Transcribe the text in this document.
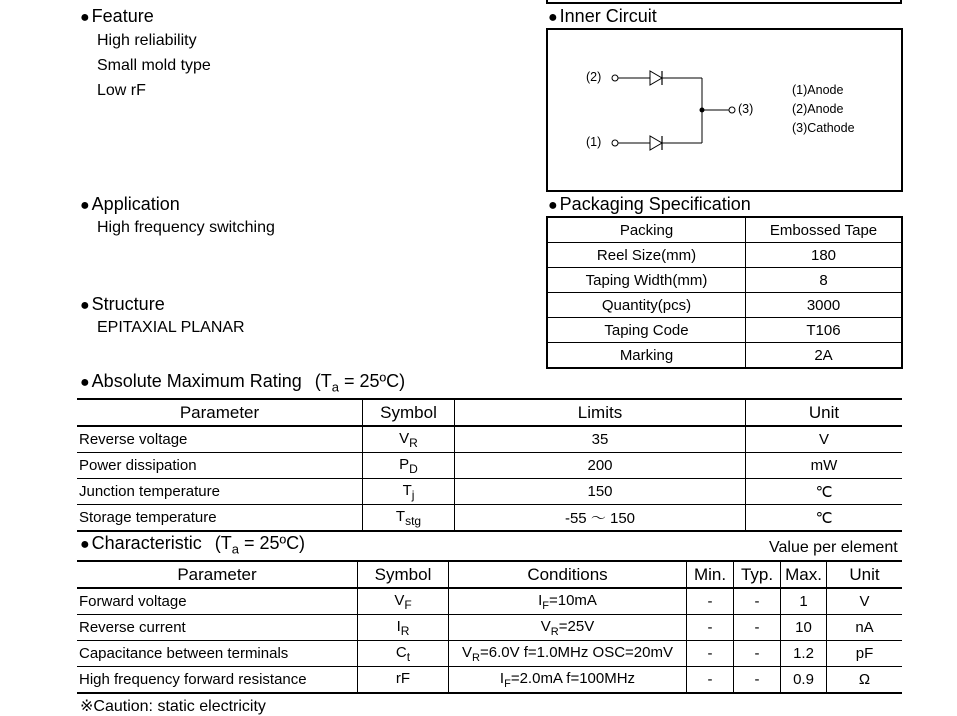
● Feature
High reliability
Small mold type
Low rF
● Inner Circuit
(2)
(1)
(3)
(1)Anode
(2)Anode
(3)Cathode
● Application
High frequency switching
● Packaging Specification
Packing	Embossed Tape
Reel Size(mm)	180
Taping Width(mm)	8
Quantity(pcs)	3000
Taping Code	T106
Marking	2A
● Structure
EPITAXIAL PLANAR
● Absolute Maximum Rating ($T_a$ = 25ºC)
Parameter	Symbol	Limits	Unit
Reverse voltage	$V_R$	35	V
Power dissipation	$P_D$	200	mW
Junction temperature	$T_j$	150	℃
Storage temperature	$T_{stg}$	-55 ～ 150	℃
● Characteristic ($T_a$ = 25ºC)	Value per element
Parameter	Symbol	Conditions	Min.	Typ.	Max.	Unit
Forward voltage	$V_F$	$I_F=10mA$	-	-	1	V
Reverse current	$I_R$	$V_R=25V$	-	-	10	nA
Capacitance between terminals	$C_t$	$V_R=6.0V$ f=1.0MHz OSC=20mV	-	-	1.2	pF
High frequency forward resistance	rF	$I_F=2.0mA$ f=100MHz	-	-	0.9	Ω
※Caution: static electricity
